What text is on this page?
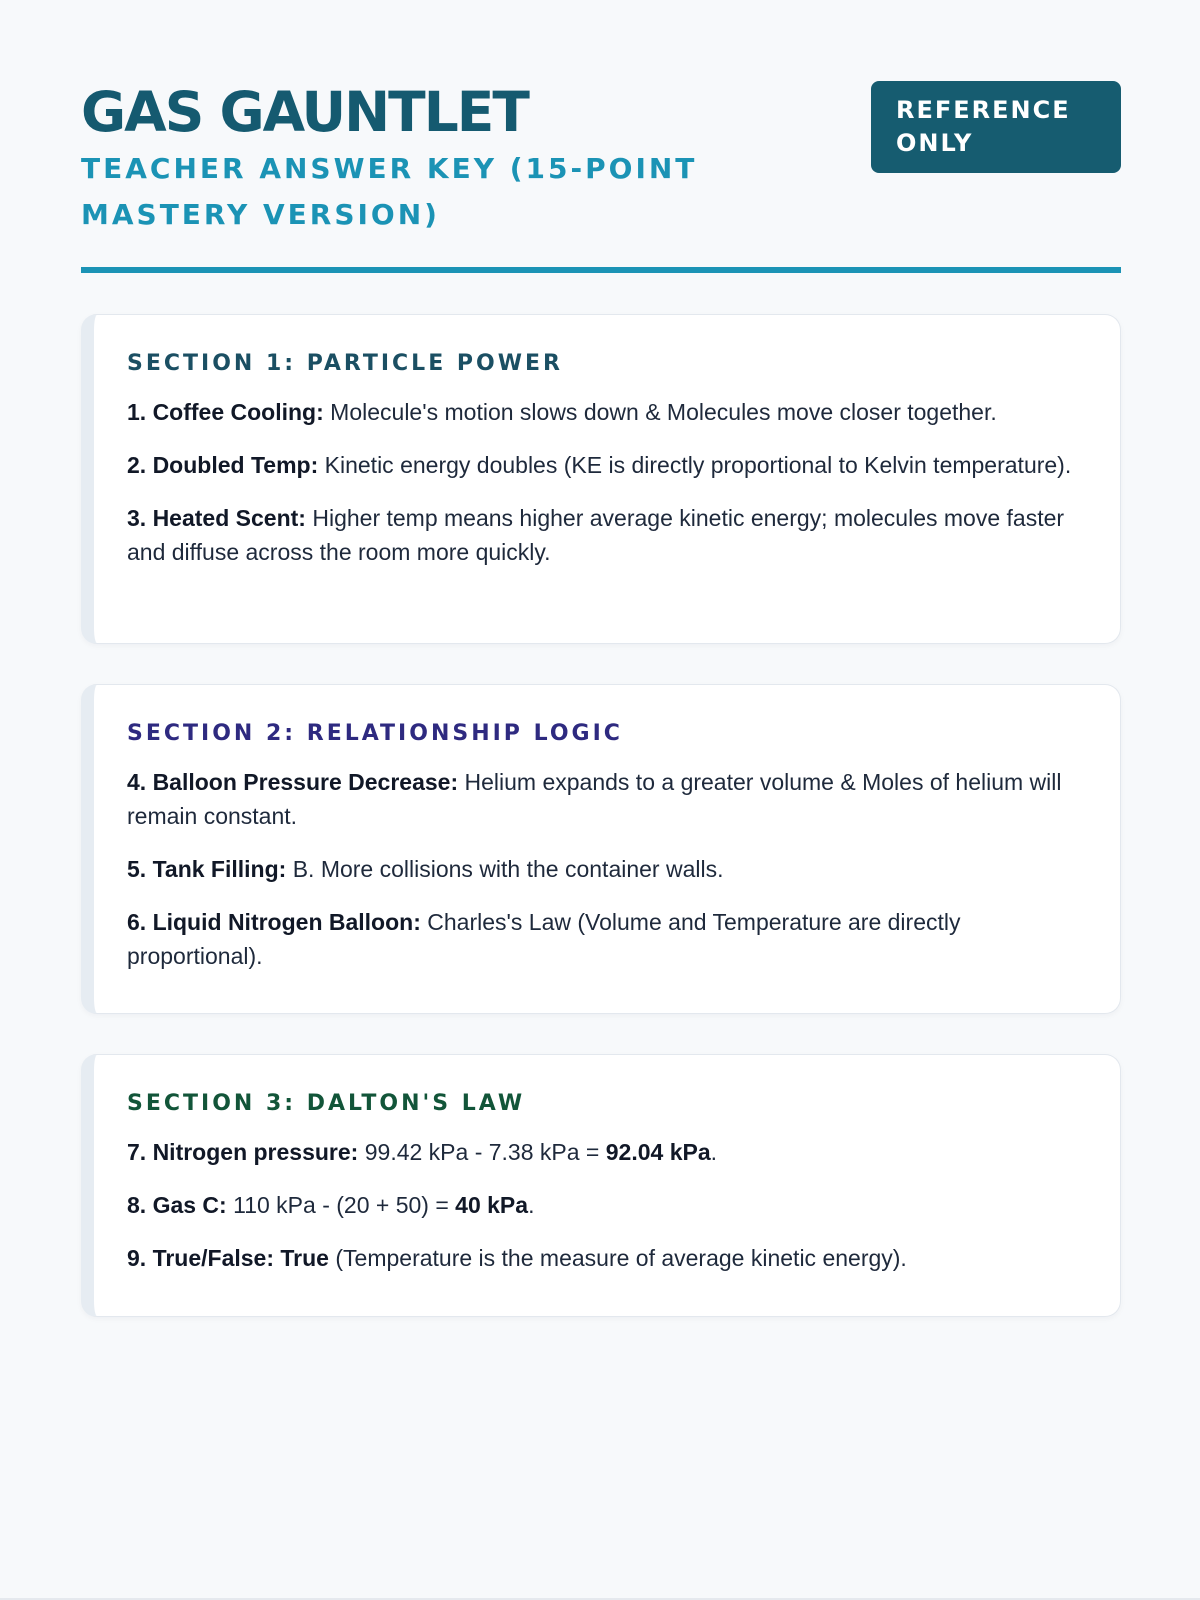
GAS GAUNTLET
TEACHER ANSWER KEY (15-POINT MASTERY VERSION)
REFERENCE
ONLY
SECTION 1: PARTICLE POWER

1. Coffee Cooling: Molecule's motion slows down & Molecules move closer together.

2. Doubled Temp: Kinetic energy doubles (KE is directly proportional to Kelvin temperature).

3. Heated Scent: Higher temp means higher average kinetic energy; molecules move faster and diffuse across the room more quickly.

SECTION 2: RELATIONSHIP LOGIC

4. Balloon Pressure Decrease: Helium expands to a greater volume & Moles of helium will remain constant.

5. Tank Filling: B. More collisions with the container walls.

6. Liquid Nitrogen Balloon: Charles's Law (Volume and Temperature are directly proportional).

SECTION 3: DALTON'S LAW

7. Nitrogen pressure: 99.42 kPa - 7.38 kPa = 92.04 kPa.

8. Gas C: 110 kPa - (20 + 50) = 40 kPa.

9. True/False: True (Temperature is the measure of average kinetic energy).
